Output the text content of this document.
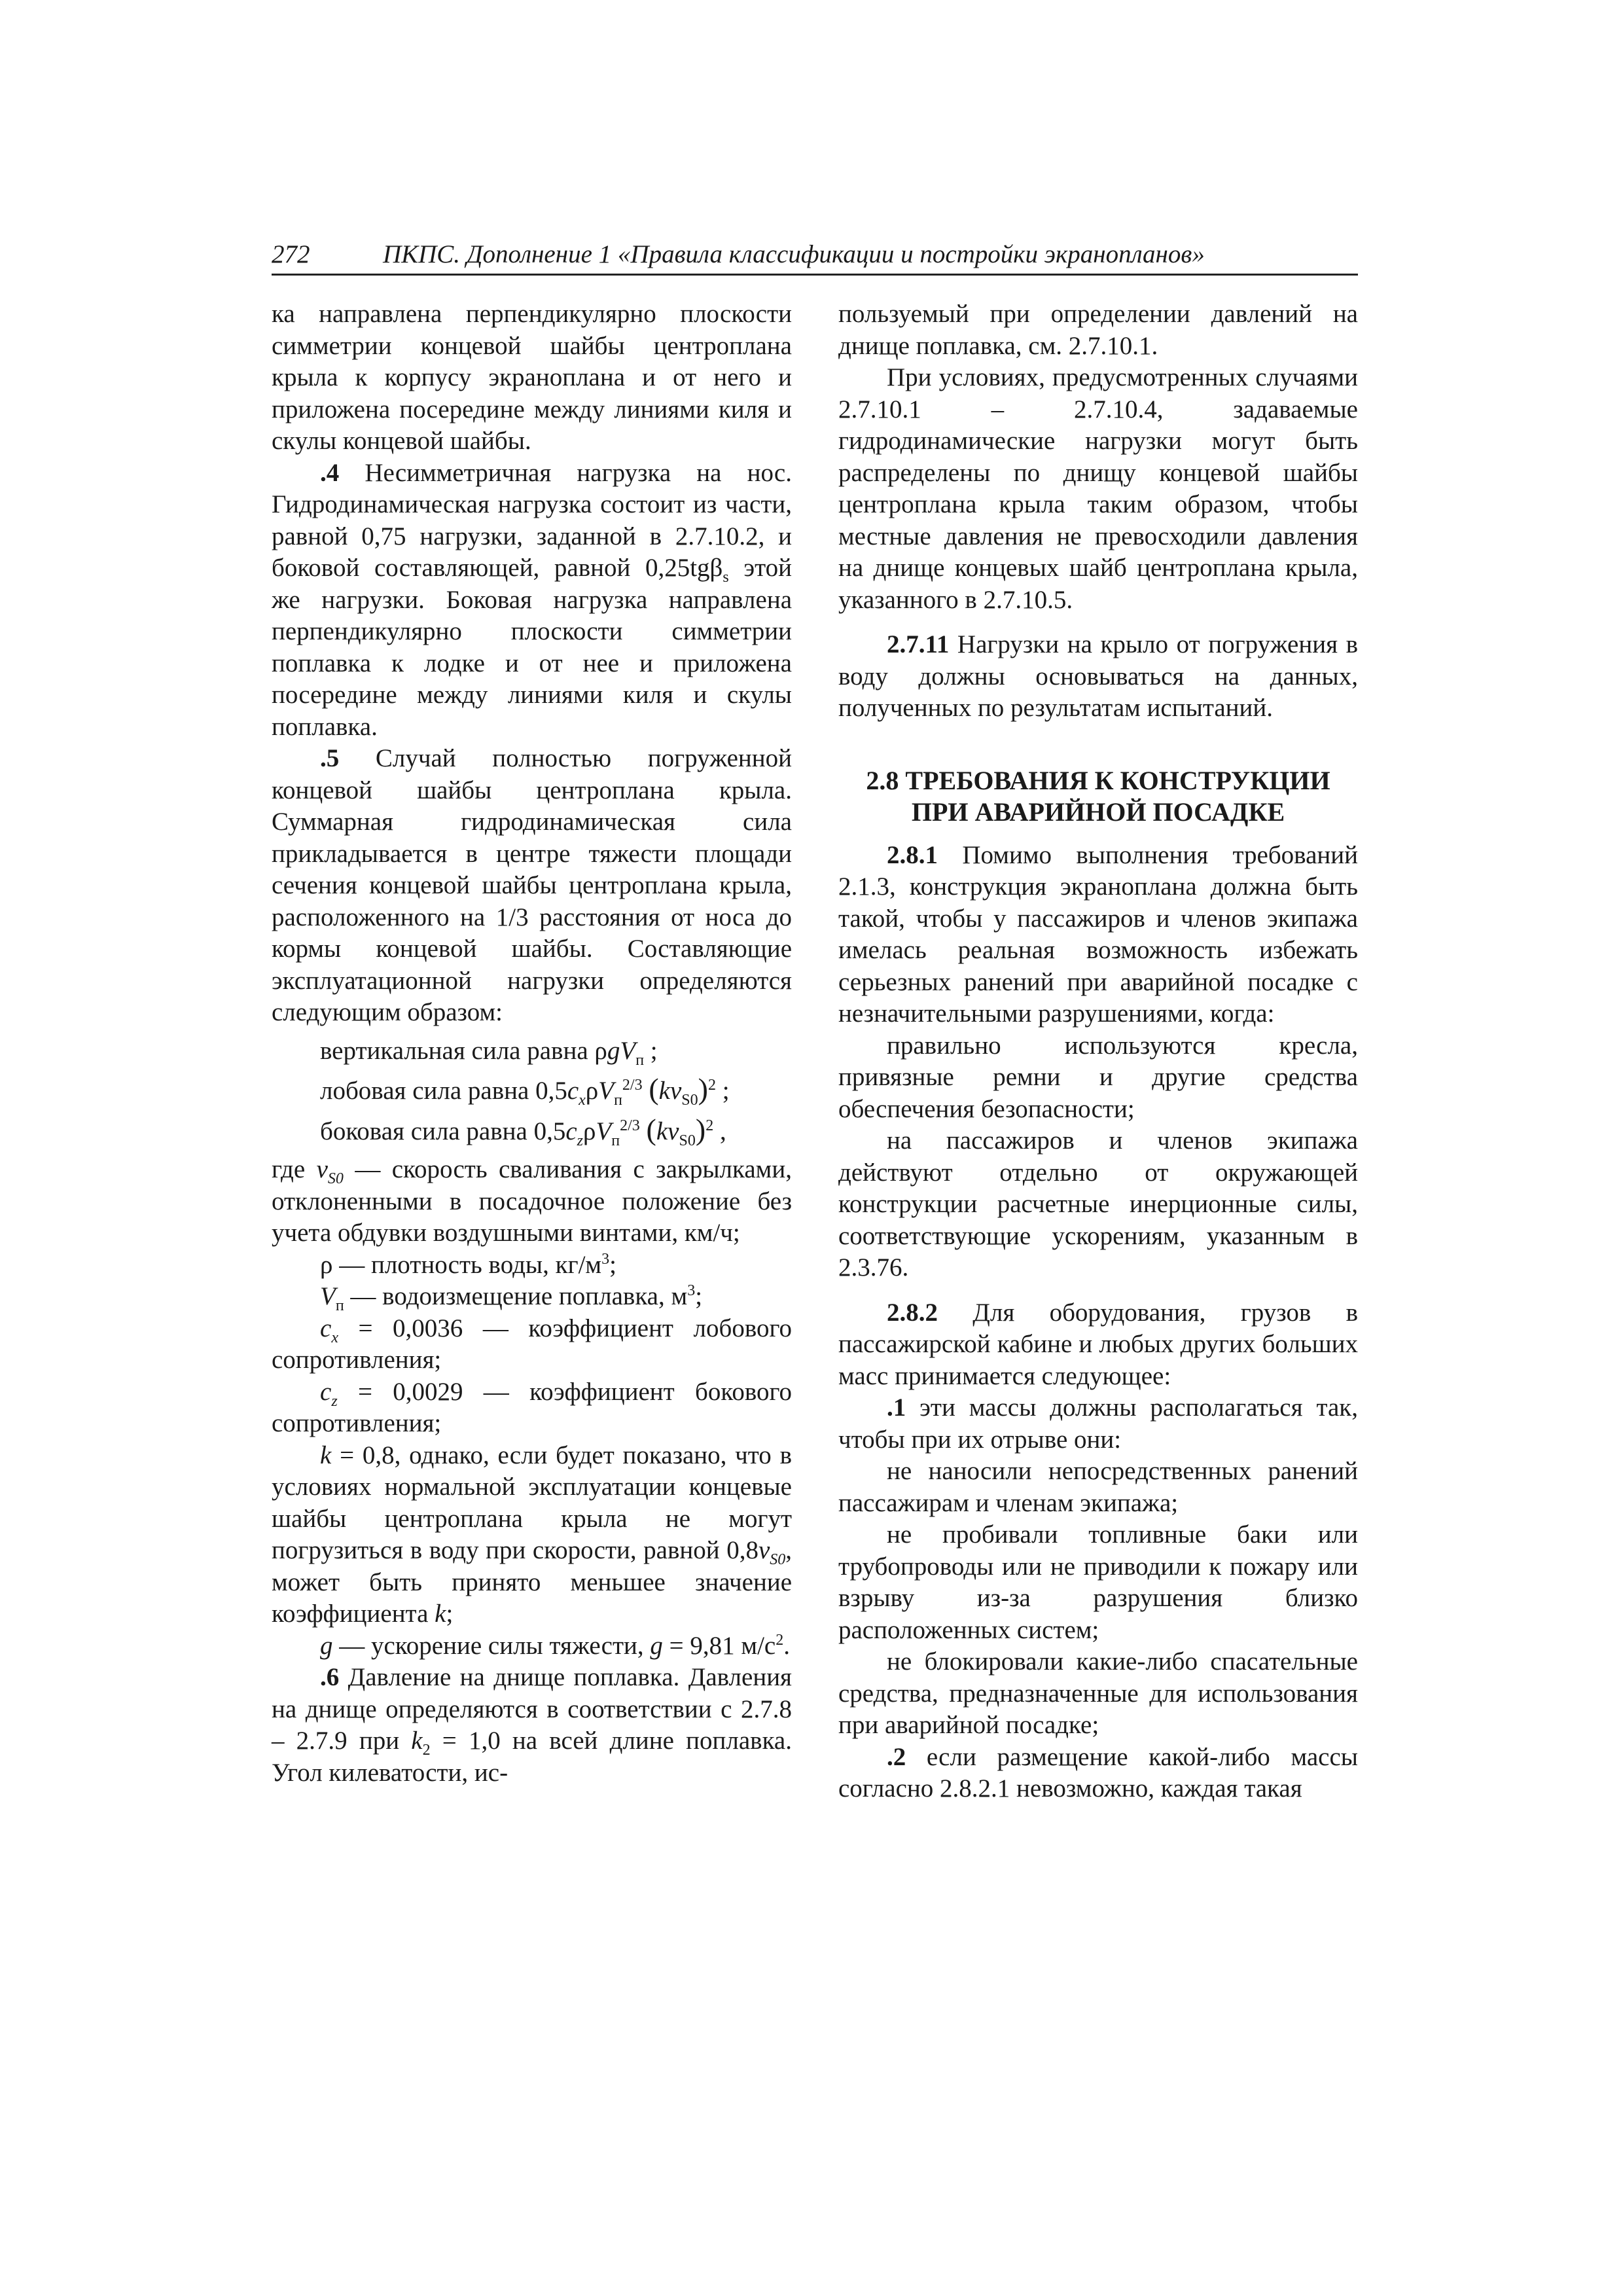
272	ПКПС. Дополнение 1 «Правила классификации и постройки экранопланов»

ка направлена перпендикулярно плоскости симметрии концевой шайбы центроплана крыла к корпусу экраноплана и от него и приложена посередине между линиями киля и скулы концевой шайбы.

.4 Несимметричная нагрузка на нос. Гидродинамическая нагрузка состоит из части, равной 0,75 нагрузки, заданной в 2.7.10.2, и боковой составляющей, равной 0,25tgβ$_s$ этой же нагрузки. Боковая нагрузка направлена перпендикулярно плоскости симметрии поплавка к лодке и от нее и приложена посередине между линиями киля и скулы поплавка.

.5 Случай полностью погруженной концевой шайбы центроплана крыла. Суммарная гидродинамическая сила прикладывается в центре тяжести площади сечения концевой шайбы центроплана крыла, расположенного на 1/3 расстояния от носа до кормы концевой шайбы. Составляющие эксплуатационной нагрузки определяются следующим образом:

вертикальная сила равна ρgV$_п$ ;

лобовая сила равна $0,5c_x\rho V_п^{2/3}$ $(kv_{S0})^2$ ;

боковая сила равна $0,5c_z\rho V_п^{2/3}$ $(kv_{S0})^2$ ,

где $v_{S0}$ — скорость сваливания с закрылками, отклоненными в посадочное положение без учета обдувки воздушными винтами, км/ч;

ρ — плотность воды, $кг/м^3$;

$V_п$ — водоизмещение поплавка, $м^3$;

$c_x = 0,0036$ — коэффициент лобового сопротивления;

$c_z = 0,0029$ — коэффициент бокового сопротивления;

k = 0,8, однако, если будет показано, что в условиях нормальной эксплуатации концевые шайбы центроплана крыла не могут погрузиться в воду при скорости, равной $0,8v_{S0}$, может быть принято меньшее значение коэффициента k;

g — ускорение силы тяжести, g = 9,81 $м/с^2$.

.6 Давление на днище поплавка. Давления на днище определяются в соответствии с 2.7.8 – 2.7.9 при $k_2 = 1,0$ на всей длине поплавка. Угол килеватости, ис-

пользуемый при определении давлений на днище поплавка, см. 2.7.10.1.

При условиях, предусмотренных случаями 2.7.10.1 – 2.7.10.4, задаваемые гидродинамические нагрузки могут быть распределены по днищу концевой шайбы центроплана крыла таким образом, чтобы местные давления не превосходили давления на днище концевых шайб центроплана крыла, указанного в 2.7.10.5.

2.7.11 Нагрузки на крыло от погружения в воду должны основываться на данных, полученных по результатам испытаний.

2.8 ТРЕБОВАНИЯ К КОНСТРУКЦИИ
ПРИ АВАРИЙНОЙ ПОСАДКЕ

2.8.1 Помимо выполнения требований 2.1.3, конструкция экраноплана должна быть такой, чтобы у пассажиров и членов экипажа имелась реальная возможность избежать серьезных ранений при аварийной посадке с незначительными разрушениями, когда:

правильно используются кресла, привязные ремни и другие средства обеспечения безопасности;

на пассажиров и членов экипажа действуют отдельно от окружающей конструкции расчетные инерционные силы, соответствующие ускорениям, указанным в 2.3.76.

2.8.2 Для оборудования, грузов в пассажирской кабине и любых других больших масс принимается следующее:

.1 эти массы должны располагаться так, чтобы при их отрыве они:

не наносили непосредственных ранений пассажирам и членам экипажа;

не пробивали топливные баки или трубопроводы или не приводили к пожару или взрыву из-за разрушения близко расположенных систем;

не блокировали какие-либо спасательные средства, предназначенные для использования при аварийной посадке;

.2 если размещение какой-либо массы согласно 2.8.2.1 невозможно, каждая такая
